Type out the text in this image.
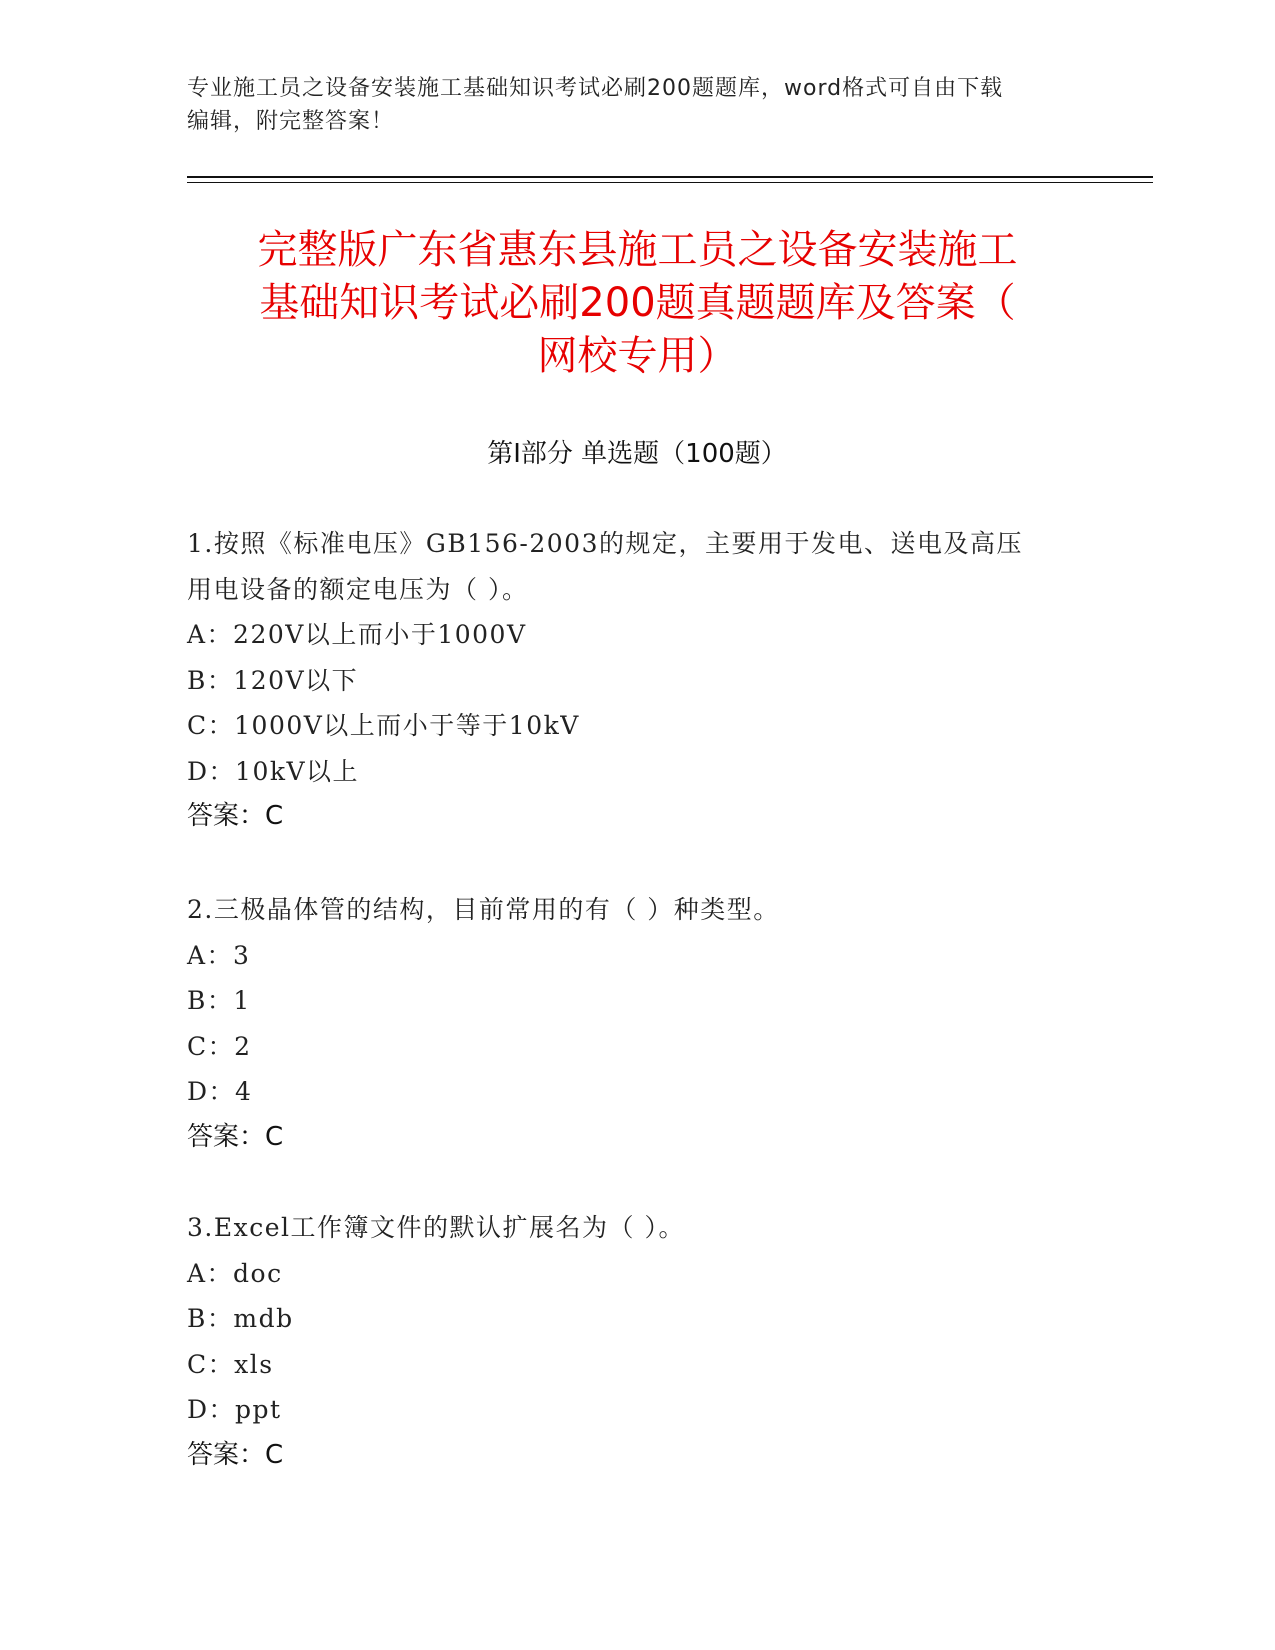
专业施工员之设备安装施工基础知识考试必刷200题题库，word格式可自由下载
编辑，附完整答案！
完整版广东省惠东县施工员之设备安装施工
基础知识考试必刷200题真题题库及答案（
网校专用）
第Ⅰ部分 单选题（100题）

1.按照《标准电压》GB156-2003的规定，主要用于发电、送电及高压

用电设备的额定电压为（ ）。

A：220V以上而小于1000V

B：120V以下

C：1000V以上而小于等于10kV

D：10kV以上

答案：C

2.三极晶体管的结构，目前常用的有（ ）种类型。

A：3

B：1

C：2

D：4

答案：C

3.Excel工作簿文件的默认扩展名为（ ）。

A：doc

B：mdb

C：xls

D：ppt

答案：C
